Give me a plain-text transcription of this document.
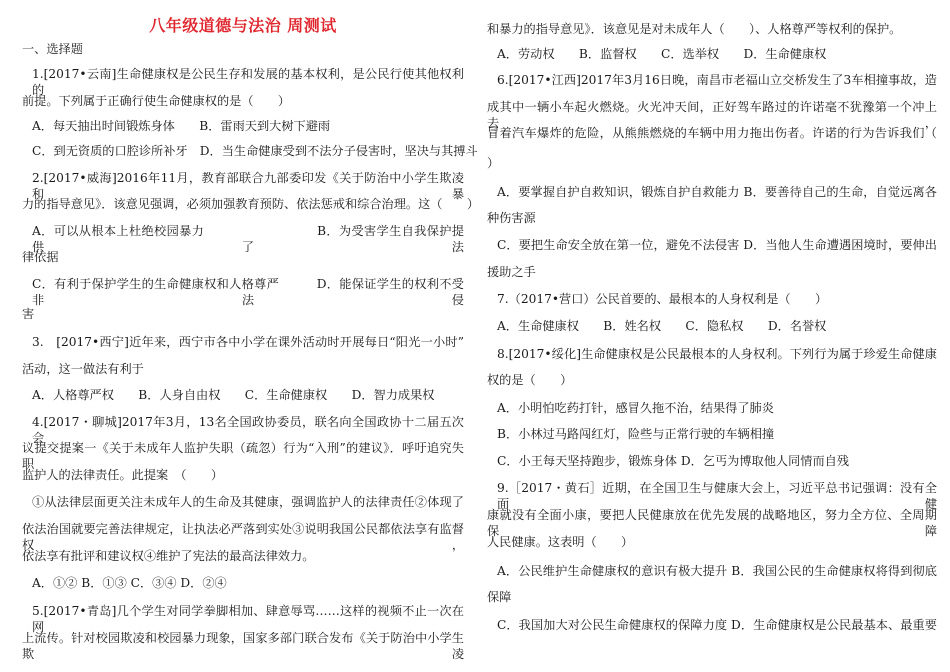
八年级道德与法治 周测试
一、选择题
1.[2017•云南]生命健康权是公民生存和发展的基本权利，是公民行使其他权利的
前提。下列属于正确行使生命健康权的是（　　）
A．每天抽出时间锻炼身体　　B．雷雨天到大树下避雨
C．到无资质的口腔诊所补牙　D．当生命健康受到不法分子侵害时，坚决与其搏斗
2.[2017•威海]2016年11月，教育部联合九部委印发《关于防治中小学生欺凌和暴
力的指导意见》．该意见强调，必须加强教育预防、依法惩戒和综合治理。这（　　）
A．可以从根本上杜绝校园暴力　　　　　　　　　B．为受害学生自我保护提供了法
律依据
C．有利于保护学生的生命健康权和人格尊严　　　D．能保证学生的权利不受非法侵
害
3.　[2017•西宁]近年来，西宁市各中小学在课外活动时开展每日“阳光一小时”
活动，这一做法有利于
A．人格尊严权　　B．人身自由权　　C．生命健康权　　D．智力成果权
4.[2017・聊城]2017年3月，13名全国政协委员，联名向全国政协十二届五次会
议提交提案一《关于未成年人监护失职（疏忽）行为“入刑”的建议》．呼吁追究失职
监护人的法律责任。此提案　（　　）
①从法律层面更关注未成年人的生命及其健康，强调监护人的法律责任②体现了
依法治国就要完善法律规定，让执法必严落到实处③说明我国公民都依法享有监督权，
依法享有批评和建议权④维护了宪法的最高法律效力。
A．①② B．①③ C．③④ D．②④
5.[2017•青岛]几个学生对同学拳脚相加、肆意辱骂……这样的视频不止一次在网
上流传。针对校园欺凌和校园暴力现象，国家多部门联合发布《关于防治中小学生欺凌
和暴力的指导意见》．该意见是对未成年人（　　）、人格尊严等权利的保护。
A．劳动权　　B．监督权　　C．选举权　　D．生命健康权
6.[2017•江西]2017年3月16日晚，南昌市老福山立交桥发生了3车相撞事故，造
成其中一辆小车起火燃烧。火光冲天间，正好驾车路过的许诺毫不犹豫第一个冲上去，
冒着汽车爆炸的危险，从熊熊燃烧的车辆中用力拖出伤者。许诺的行为告诉我们（
）
A．要掌握自护自救知识，锻炼自护自救能力 B．要善待自己的生命，自觉远离各
种伤害源
C．要把生命安全放在第一位，避免不法侵害 D．当他人生命遭遇困境时，要伸出
援助之手
7.（2017•营口）公民首要的、最根本的人身权利是（　　）
A．生命健康权　　B．姓名权　　C．隐私权　　D．名誉权
8.[2017•绥化]生命健康权是公民最根本的人身权利。下列行为属于珍爱生命健康
权的是（　　）
A．小明怕吃药打针，感冒久拖不治，结果得了肺炎
B．小林过马路闯红灯，险些与正常行驶的车辆相撞
C．小王每天坚持跑步，锻炼身体 D．乞丐为博取他人同情而自残
9.［2017・黄石］近期，在全国卫生与健康大会上，习近平总书记强调：没有全面健
康就没有全面小康，要把人民健康放在优先发展的战略地区，努力全方位、全周期保障
人民健康。这表明（　　）
A．公民维护生命健康权的意识有极大提升 B．我国公民的生命健康权将得到彻底
保障
C．我国加大对公民生命健康权的保障力度 D．生命健康权是公民最基本、最重要
